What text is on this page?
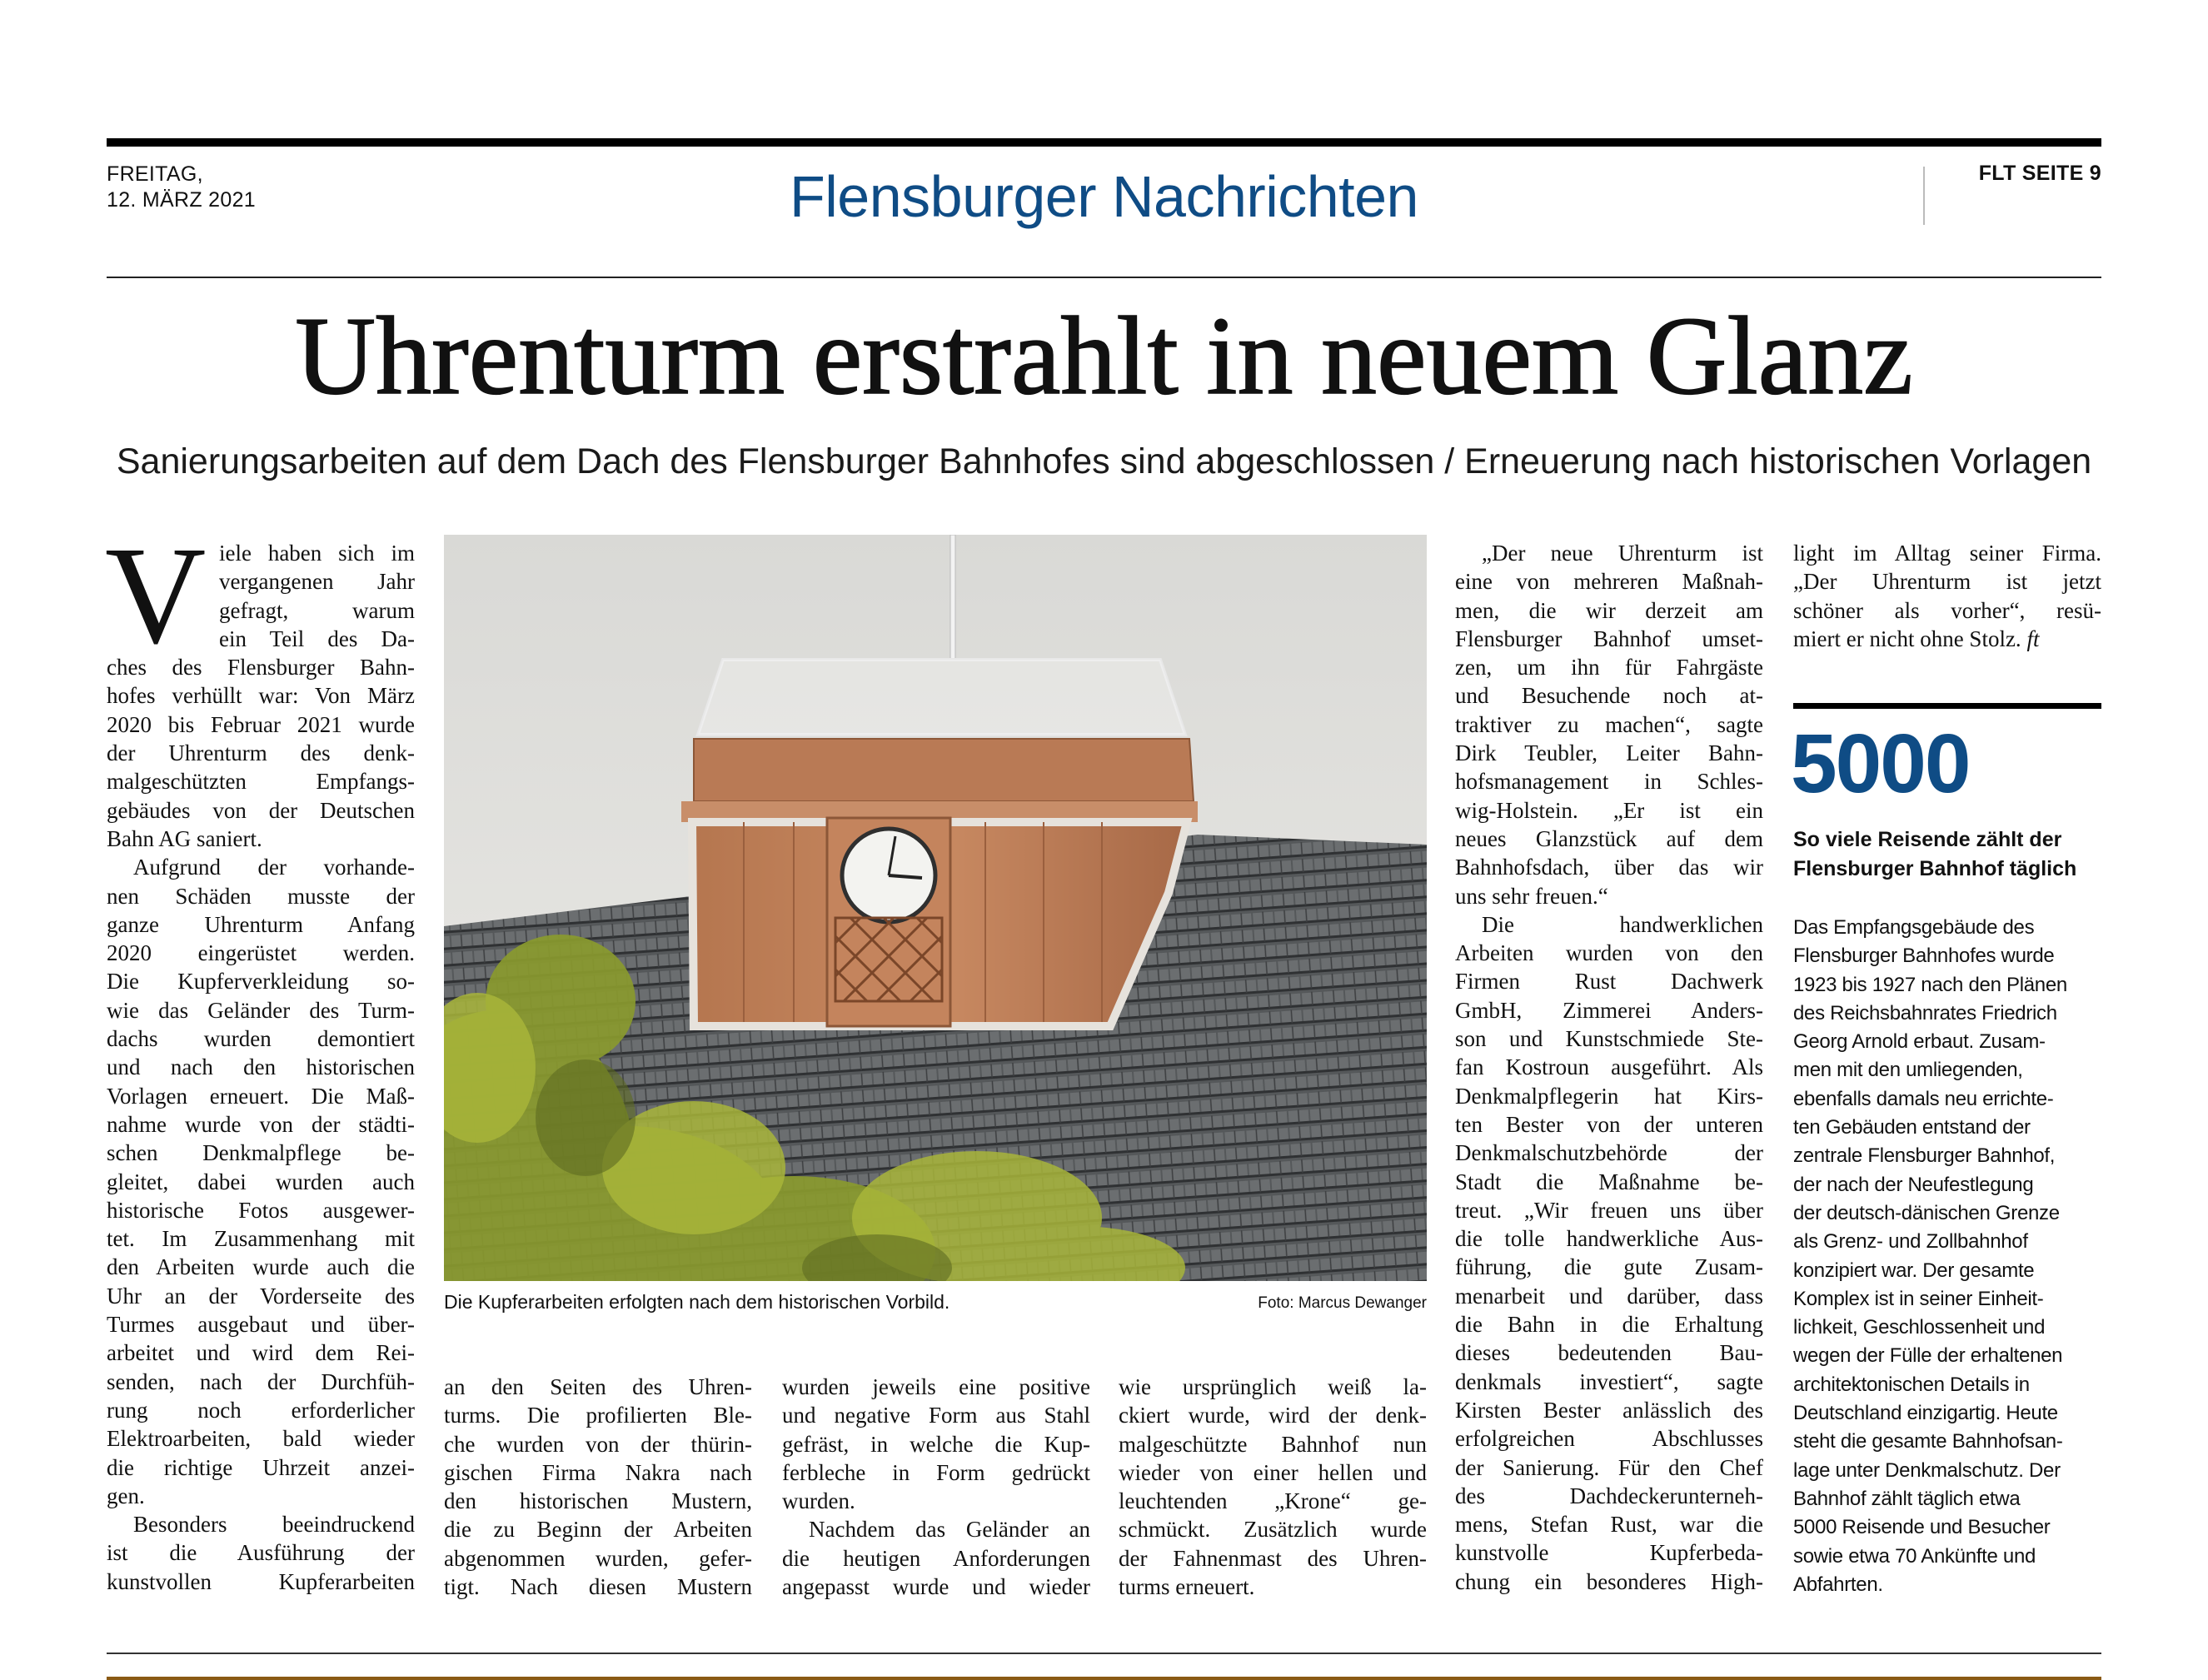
FREITAG,
12. MÄRZ 2021	Flensburger Nachrichten	FLT SEITE 9
Uhrenturm erstrahlt in neuem Glanz
Sanierungsarbeiten auf dem Dach des Flensburger Bahnhofes sind abgeschlossen / Erneuerung nach historischen Vorlagen
V iele haben sich im
vergangenen Jahr
gefragt, warum
ein Teil des Da-
ches des Flensburger Bahn-
hofes verhüllt war: Von März
2020 bis Februar 2021 wurde
der Uhrenturm des denk-
malgeschützten Empfangs-
gebäudes von der Deutschen
Bahn AG saniert.
Aufgrund der vorhande-
nen Schäden musste der
ganze Uhrenturm Anfang
2020 eingerüstet werden.
Die Kupferverkleidung so-
wie das Geländer des Turm-
dachs wurden demontiert
und nach den historischen
Vorlagen erneuert. Die Maß-
nahme wurde von der städti-
schen Denkmalpflege be-
gleitet, dabei wurden auch
historische Fotos ausgewer-
tet. Im Zusammenhang mit
den Arbeiten wurde auch die
Uhr an der Vorderseite des
Turmes ausgebaut und über-
arbeitet und wird dem Rei-
senden, nach der Durchfüh-
rung noch erforderlicher
Elektroarbeiten, bald wieder
die richtige Uhrzeit anzei-
gen.
Besonders beeindruckend
ist die Ausführung der
kunstvollen Kupferarbeiten
Die Kupferarbeiten erfolgten nach dem historischen Vorbild.	Foto: Marcus Dewanger
an den Seiten des Uhren-
turms. Die profilierten Ble-
che wurden von der thürin-
gischen Firma Nakra nach
den historischen Mustern,
die zu Beginn der Arbeiten
abgenommen wurden, gefer-
tigt. Nach diesen Mustern
wurden jeweils eine positive
und negative Form aus Stahl
gefräst, in welche die Kup-
ferbleche in Form gedrückt
wurden.
Nachdem das Geländer an
die heutigen Anforderungen
angepasst wurde und wieder
wie ursprünglich weiß la-
ckiert wurde, wird der denk-
malgeschützte Bahnhof nun
wieder von einer hellen und
leuchtenden „Krone“ ge-
schmückt. Zusätzlich wurde
der Fahnenmast des Uhren-
turms erneuert.
„Der neue Uhrenturm ist
eine von mehreren Maßnah-
men, die wir derzeit am
Flensburger Bahnhof umset-
zen, um ihn für Fahrgäste
und Besuchende noch at-
traktiver zu machen“, sagte
Dirk Teubler, Leiter Bahn-
hofsmanagement in Schles-
wig-Holstein. „Er ist ein
neues Glanzstück auf dem
Bahnhofsdach, über das wir
uns sehr freuen.“
Die handwerklichen
Arbeiten wurden von den
Firmen Rust Dachwerk
GmbH, Zimmerei Anders-
son und Kunstschmiede Ste-
fan Kostroun ausgeführt. Als
Denkmalpflegerin hat Kirs-
ten Bester von der unteren
Denkmalschutzbehörde der
Stadt die Maßnahme be-
treut. „Wir freuen uns über
die tolle handwerkliche Aus-
führung, die gute Zusam-
menarbeit und darüber, dass
die Bahn in die Erhaltung
dieses bedeutenden Bau-
denkmals investiert“, sagte
Kirsten Bester anlässlich des
erfolgreichen Abschlusses
der Sanierung. Für den Chef
des Dachdeckerunterneh-
mens, Stefan Rust, war die
kunstvolle Kupferbeda-
chung ein besonderes High-
light im Alltag seiner Firma.
„Der Uhrenturm ist jetzt
schöner als vorher“, resü-
miert er nicht ohne Stolz. ft
5000
So viele Reisende zählt der
Flensburger Bahnhof täglich
Das Empfangsgebäude des
Flensburger Bahnhofes wurde
1923 bis 1927 nach den Plänen
des Reichsbahnrates Friedrich
Georg Arnold erbaut. Zusam-
men mit den umliegenden,
ebenfalls damals neu errichte-
ten Gebäuden entstand der
zentrale Flensburger Bahnhof,
der nach der Neufestlegung
der deutsch-dänischen Grenze
als Grenz- und Zollbahnhof
konzipiert war. Der gesamte
Komplex ist in seiner Einheit-
lichkeit, Geschlossenheit und
wegen der Fülle der erhaltenen
architektonischen Details in
Deutschland einzigartig. Heute
steht die gesamte Bahnhofsan-
lage unter Denkmalschutz. Der
Bahnhof zählt täglich etwa
5000 Reisende und Besucher
sowie etwa 70 Ankünfte und
Abfahrten.
